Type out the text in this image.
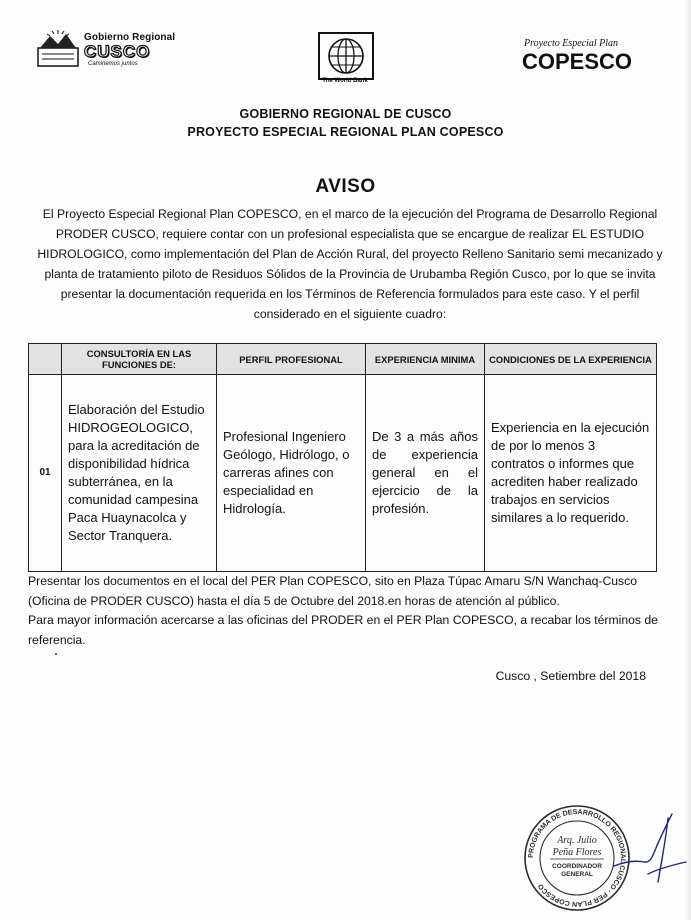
Gobierno Regional
CUSCO
Caminemos juntos
The World Bank
Proyecto Especial Plan
COPESCO
GOBIERNO REGIONAL DE CUSCO
PROYECTO ESPECIAL REGIONAL PLAN COPESCO
AVISO
El Proyecto Especial Regional Plan COPESCO, en el marco de la ejecución del Programa de Desarrollo Regional PRODER CUSCO, requiere contar con un profesional especialista que se encargue de realizar EL ESTUDIO HIDROLOGICO, como implementación del Plan de Acción Rural, del proyecto Relleno Sanitario semi mecanizado y planta de tratamiento piloto de Residuos Sólidos de la Provincia de Urubamba Región Cusco, por lo que se invita presentar la documentación requerida en los Términos de Referencia formulados para este caso. Y el perfil considerado en el siguiente cuadro:
	CONSULTORÍA EN LAS FUNCIONES DE:	PERFIL PROFESIONAL	EXPERIENCIA MINIMA	CONDICIONES DE LA EXPERIENCIA
01	Elaboración del Estudio HIDROGEOLOGICO, para la acreditación de disponibilidad hídrica subterránea, en la comunidad campesina Paca Huaynacolca y Sector Tranquera.	Profesional Ingeniero Geólogo, Hidrólogo, o carreras afines con especialidad en Hidrología.	De 3 a más años de experiencia general en el ejercicio de la profesión.	Experiencia en la ejecución de por lo menos 3 contratos o informes que acrediten haber realizado trabajos en servicios similares a lo requerido.

Presentar los documentos en el local del PER Plan COPESCO, sito en Plaza Túpac Amaru S/N Wanchaq-Cusco (Oficina de PRODER CUSCO) hasta el día 5 de Octubre del 2018.en horas de atención al público.

Para mayor información acercarse a las oficinas del PRODER en el PER Plan COPESCO, a recabar los términos de referencia.

Cusco , Setiembre del 2018
PROGRAMA DE DESARROLLO REGIONAL CUSCO · PER PLAN COPESCO
Arq. Julio
Peña Flores
COORDINADOR
GENERAL
